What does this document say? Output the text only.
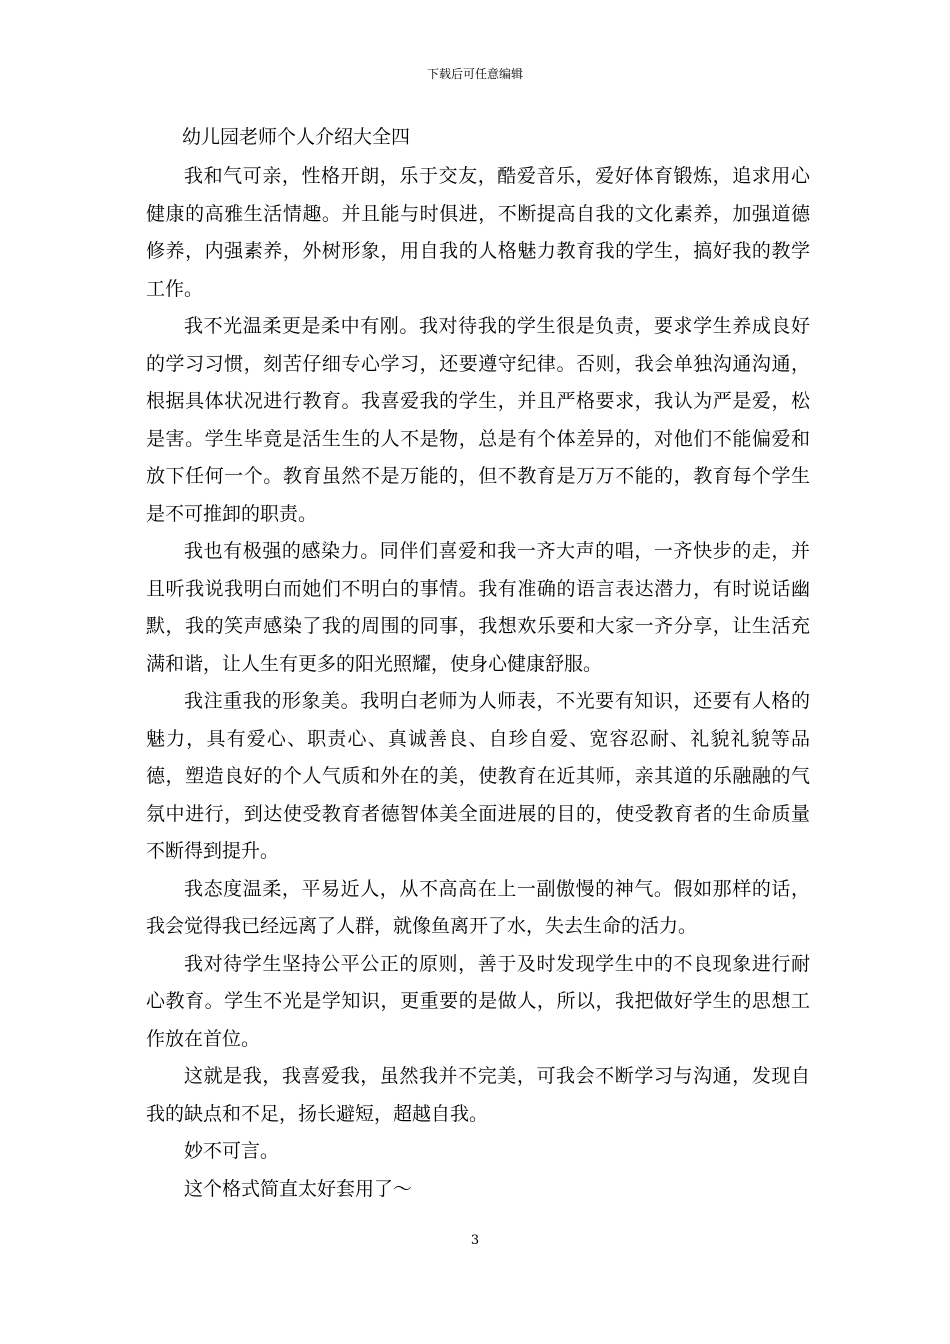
下载后可任意编辑
幼儿园老师个人介绍大全四

我和气可亲，性格开朗，乐于交友，酷爱音乐，爱好体育锻炼，追求用心健康的高雅生活情趣。并且能与时俱进，不断提高自我的文化素养，加强道德修养，内强素养，外树形象，用自我的人格魅力教育我的学生，搞好我的教学工作。

我不光温柔更是柔中有刚。我对待我的学生很是负责，要求学生养成良好的学习习惯，刻苦仔细专心学习，还要遵守纪律。否则，我会单独沟通沟通，根据具体状况进行教育。我喜爱我的学生，并且严格要求，我认为严是爱，松是害。学生毕竟是活生生的人不是物，总是有个体差异的，对他们不能偏爱和放下任何一个。教育虽然不是万能的，但不教育是万万不能的，教育每个学生是不可推卸的职责。

我也有极强的感染力。同伴们喜爱和我一齐大声的唱，一齐快步的走，并且听我说我明白而她们不明白的事情。我有准确的语言表达潜力，有时说话幽默，我的笑声感染了我的周围的同事，我想欢乐要和大家一齐分享，让生活充满和谐，让人生有更多的阳光照耀，使身心健康舒服。

我注重我的形象美。我明白老师为人师表，不光要有知识，还要有人格的魅力，具有爱心、职责心、真诚善良、自珍自爱、宽容忍耐、礼貌礼貌等品德，塑造良好的个人气质和外在的美，使教育在近其师，亲其道的乐融融的气氛中进行，到达使受教育者德智体美全面进展的目的，使受教育者的生命质量不断得到提升。

我态度温柔，平易近人，从不高高在上一副傲慢的神气。假如那样的话，我会觉得我已经远离了人群，就像鱼离开了水，失去生命的活力。

我对待学生坚持公平公正的原则，善于及时发现学生中的不良现象进行耐心教育。学生不光是学知识，更重要的是做人，所以，我把做好学生的思想工作放在首位。

这就是我，我喜爱我，虽然我并不完美，可我会不断学习与沟通，发现自我的缺点和不足，扬长避短，超越自我。

妙不可言。

这个格式简直太好套用了～

3
